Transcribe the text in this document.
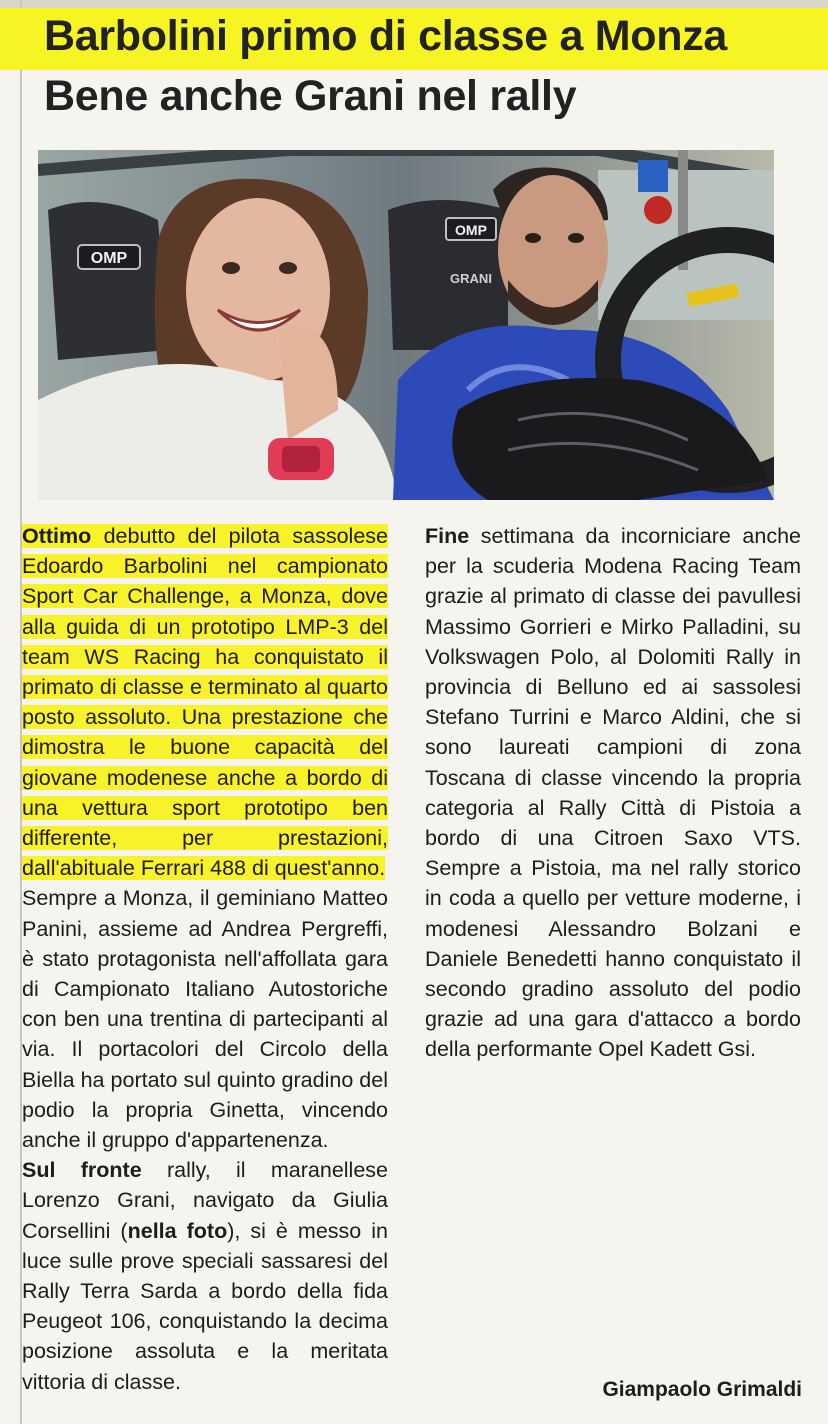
Barbolini primo di classe a Monza
Bene anche Grani nel rally
OMP
OMP
GRANI

Ottimo debutto del pilota sassolese Edoardo Barbolini nel campionato Sport Car Challenge, a Monza, dove alla guida di un prototipo LMP-3 del team WS Racing ha conquistato il primato di classe e terminato al quarto posto assoluto. Una prestazione che dimostra le buone capacità del giovane modenese anche a bordo di una vettura sport prototipo ben differente, per prestazioni, dall'abituale Ferrari 488 di quest'anno.

Sempre a Monza, il geminiano Matteo Panini, assieme ad Andrea Pergreffi, è stato protagonista nell'affollata gara di Campionato Italiano Autostoriche con ben una trentina di partecipanti al via. Il portacolori del Circolo della Biella ha portato sul quinto gradino del podio la propria Ginetta, vincendo anche il gruppo d'appartenenza.

Sul fronte rally, il maranellese Lorenzo Grani, navigato da Giulia Corsellini (nella foto), si è messo in luce sulle prove speciali sassaresi del Rally Terra Sarda a bordo della fida Peugeot 106, conquistando la decima posizione assoluta e la meritata vittoria di classe.

Fine settimana da incorniciare anche per la scuderia Modena Racing Team grazie al primato di classe dei pavullesi Massimo Gorrieri e Mirko Palladini, su Volkswagen Polo, al Dolomiti Rally in provincia di Belluno ed ai sassolesi Stefano Turrini e Marco Aldini, che si sono laureati campioni di zona Toscana di classe vincendo la propria categoria al Rally Città di Pistoia a bordo di una Citroen Saxo VTS. Sempre a Pistoia, ma nel rally storico in coda a quello per vetture moderne, i modenesi Alessandro Bolzani e Daniele Benedetti hanno conquistato il secondo gradino assoluto del podio grazie ad una gara d'attacco a bordo della performante Opel Kadett Gsi.

Giampaolo Grimaldi
